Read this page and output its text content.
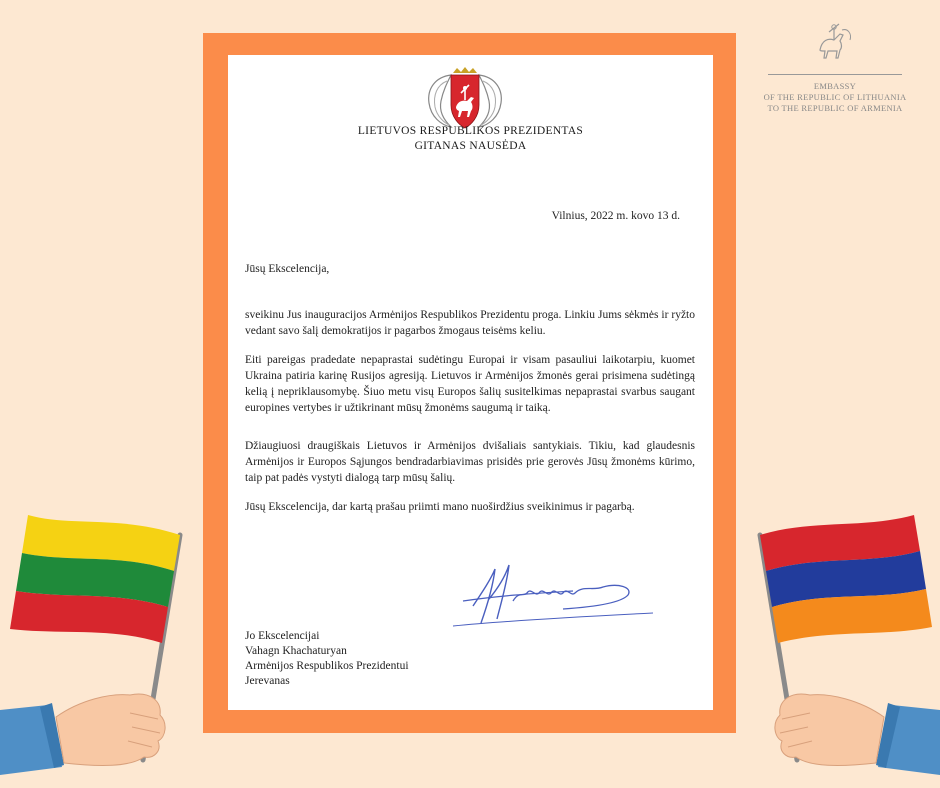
LIETUVOS RESPUBLIKOS PREZIDENTAS
GITANAS NAUSĖDA
Vilnius, 2022 m. kovo 13 d.
Jūsų Ekscelencija,

sveikinu Jus inauguracijos Armėnijos Respublikos Prezidentu proga. Linkiu Jums sėkmės ir ryžto vedant savo šalį demokratijos ir pagarbos žmogaus teisėms keliu.

Eiti pareigas pradedate nepaprastai sudėtingu Europai ir visam pasauliui laikotarpiu, kuomet Ukraina patiria karinę Rusijos agresiją. Lietuvos ir Armėnijos žmonės gerai prisimena sudėtingą kelią į nepriklausomybę. Šiuo metu visų Europos šalių susitelkimas nepaprastai svarbus saugant europines vertybes ir užtikrinant mūsų žmonėms saugumą ir taiką.

Džiaugiuosi draugiškais Lietuvos ir Armėnijos dvišaliais santykiais. Tikiu, kad glaudesnis Armėnijos ir Europos Sąjungos bendradarbiavimas prisidės prie gerovės Jūsų žmonėms kūrimo, taip pat padės vystyti dialogą tarp mūsų šalių.

Jūsų Ekscelencija, dar kartą prašau priimti mano nuoširdžius sveikinimus ir pagarbą.

Jo Ekscelencijai
Vahagn Khachaturyan
Armėnijos Respublikos Prezidentui
Jerevanas
EMBASSY
OF THE REPUBLIC OF LITHUANIA
TO THE REPUBLIC OF ARMENIA
